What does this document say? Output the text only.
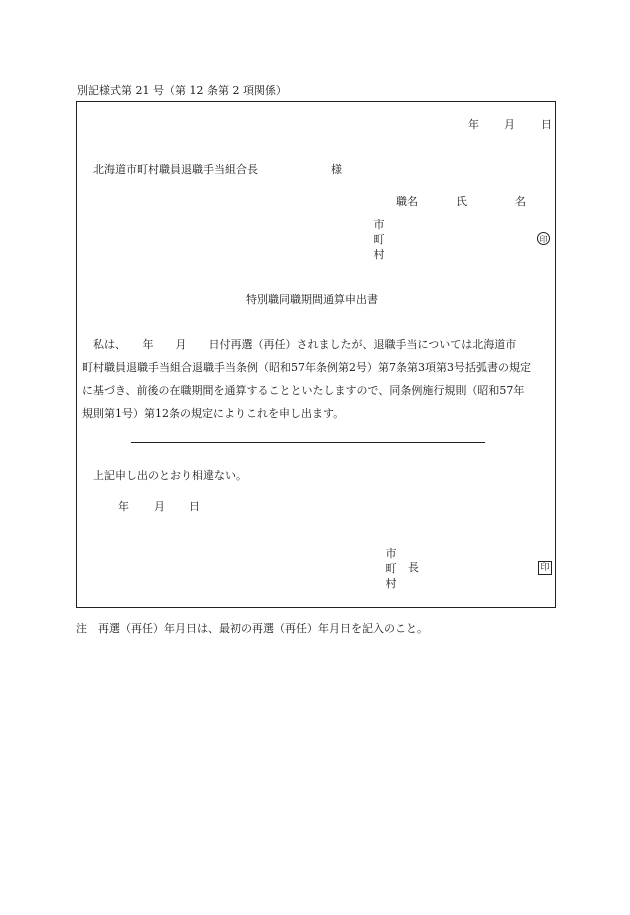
別記様式第 21 号（第 12 条第 2 項関係）
年 月 日
北海道市町村職員退職手当組合長	様
職名	氏	名
市
町
村
印
特別職同職期間通算申出書
　私は、　　年　　月　　日付再選（再任）されましたが、退職手当については北海道市
町村職員退職手当組合退職手当条例（昭和57年条例第2号）第7条第3項第3号括弧書の規定
に基づき、前後の在職期間を通算することといたしますので、同条例施行規則（昭和57年
規則第1号）第12条の規定によりこれを申し出ます。
上記申し出のとおり相違ない。
年 月 日
市
町
村
長	印
注　再選（再任）年月日は、最初の再選（再任）年月日を記入のこと。
